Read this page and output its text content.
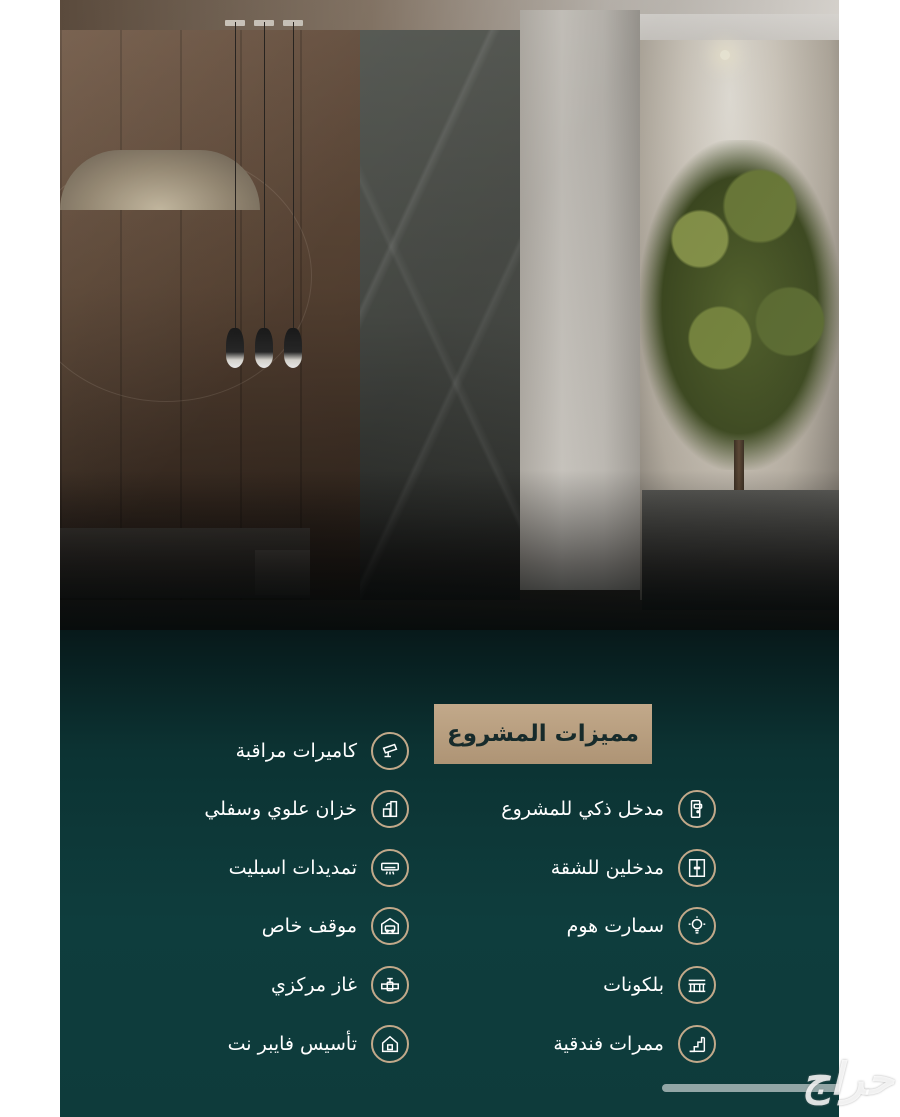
مميزات المشروع
مدخل ذكي للمشروع
مدخلين للشقة
سمارت هوم
بلكونات
ممرات فندقية
كاميرات مراقبة
خزان علوي وسفلي
تمديدات اسبليت
موقف خاص
غاز مركزي
تأسيس فايبر نت
حراج
